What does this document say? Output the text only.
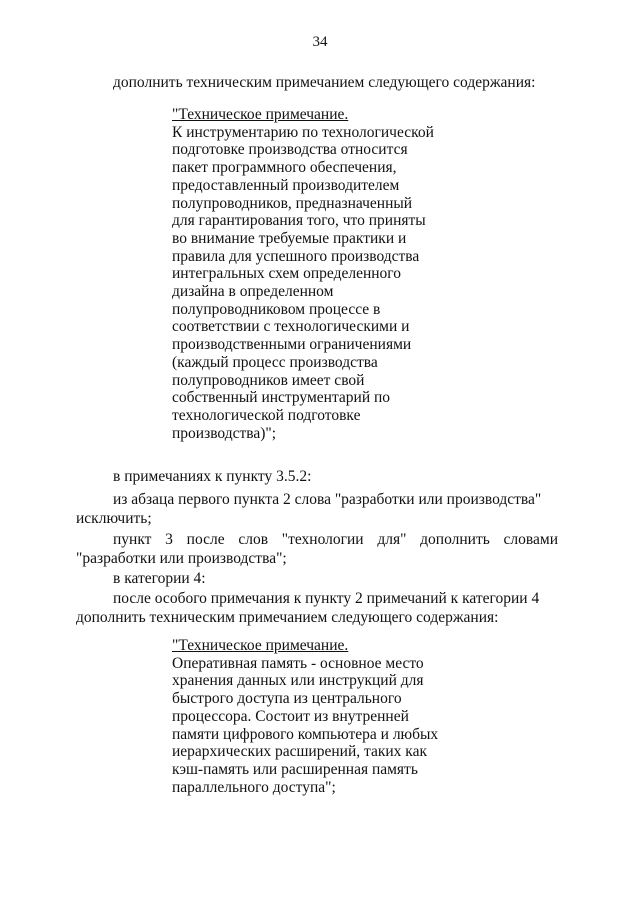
34
дополнить техническим примечанием следующего содержания:
"Техническое примечание.
К инструментарию по технологической
подготовке производства относится
пакет программного обеспечения,
предоставленный производителем
полупроводников, предназначенный
для гарантирования того, что приняты
во внимание требуемые практики и
правила для успешного производства
интегральных схем определенного
дизайна в определенном
полупроводниковом процессе в
соответствии с технологическими и
производственными ограничениями
(каждый процесс производства
полупроводников имеет свой
собственный инструментарий по
технологической подготовке
производства)";
в примечаниях к пункту 3.5.2:
из абзаца первого пункта 2 слова "разработки или производства"
исключить;
пункт 3 после слов "технологии для" дополнить словами
"разработки или производства";
в категории 4:
после особого примечания к пункту 2 примечаний к категории 4
дополнить техническим примечанием следующего содержания:
"Техническое примечание.
Оперативная память - основное место
хранения данных или инструкций для
быстрого доступа из центрального
процессора. Состоит из внутренней
памяти цифрового компьютера и любых
иерархических расширений, таких как
кэш-память или расширенная память
параллельного доступа";
